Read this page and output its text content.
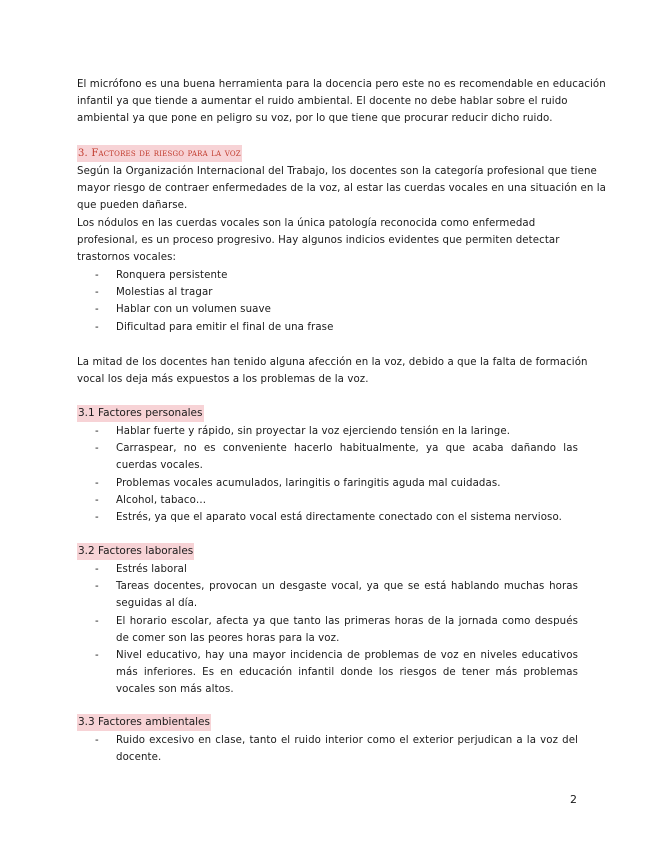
El micrófono es una buena herramienta para la docencia pero este no es recomendable en educación
infantil ya que tiende a aumentar el ruido ambiental. El docente no debe hablar sobre el ruido
ambiental ya que pone en peligro su voz, por lo que tiene que procurar reducir dicho ruido.
3. Factores de riesgo para la voz
Según la Organización Internacional del Trabajo, los docentes son la categoría profesional que tiene
mayor riesgo de contraer enfermedades de la voz, al estar las cuerdas vocales en una situación en la
que pueden dañarse.
Los nódulos en las cuerdas vocales son la única patología reconocida como enfermedad
profesional, es un proceso progresivo. Hay algunos indicios evidentes que permiten detectar
trastornos vocales:
- Ronquera persistente
- Molestias al tragar
- Hablar con un volumen suave
- Dificultad para emitir el final de una frase
La mitad de los docentes han tenido alguna afección en la voz, debido a que la falta de formación
vocal los deja más expuestos a los problemas de la voz.
3.1 Factores personales
- Hablar fuerte y rápido, sin proyectar la voz ejerciendo tensión en la laringe.
- Carraspear, no es conveniente hacerlo habitualmente, ya que acaba dañando las cuerdas vocales.
- Problemas vocales acumulados, laringitis o faringitis aguda mal cuidadas.
- Alcohol, tabaco…
- Estrés, ya que el aparato vocal está directamente conectado con el sistema nervioso.
3.2 Factores laborales
- Estrés laboral
- Tareas docentes, provocan un desgaste vocal, ya que se está hablando muchas horas seguidas al día.
- El horario escolar, afecta ya que tanto las primeras horas de la jornada como después de comer son las peores horas para la voz.
- Nivel educativo, hay una mayor incidencia de problemas de voz en niveles educativos más inferiores. Es en educación infantil donde los riesgos de tener más problemas vocales son más altos.
3.3 Factores ambientales
- Ruido excesivo en clase, tanto el ruido interior como el exterior perjudican a la voz del docente.
2
